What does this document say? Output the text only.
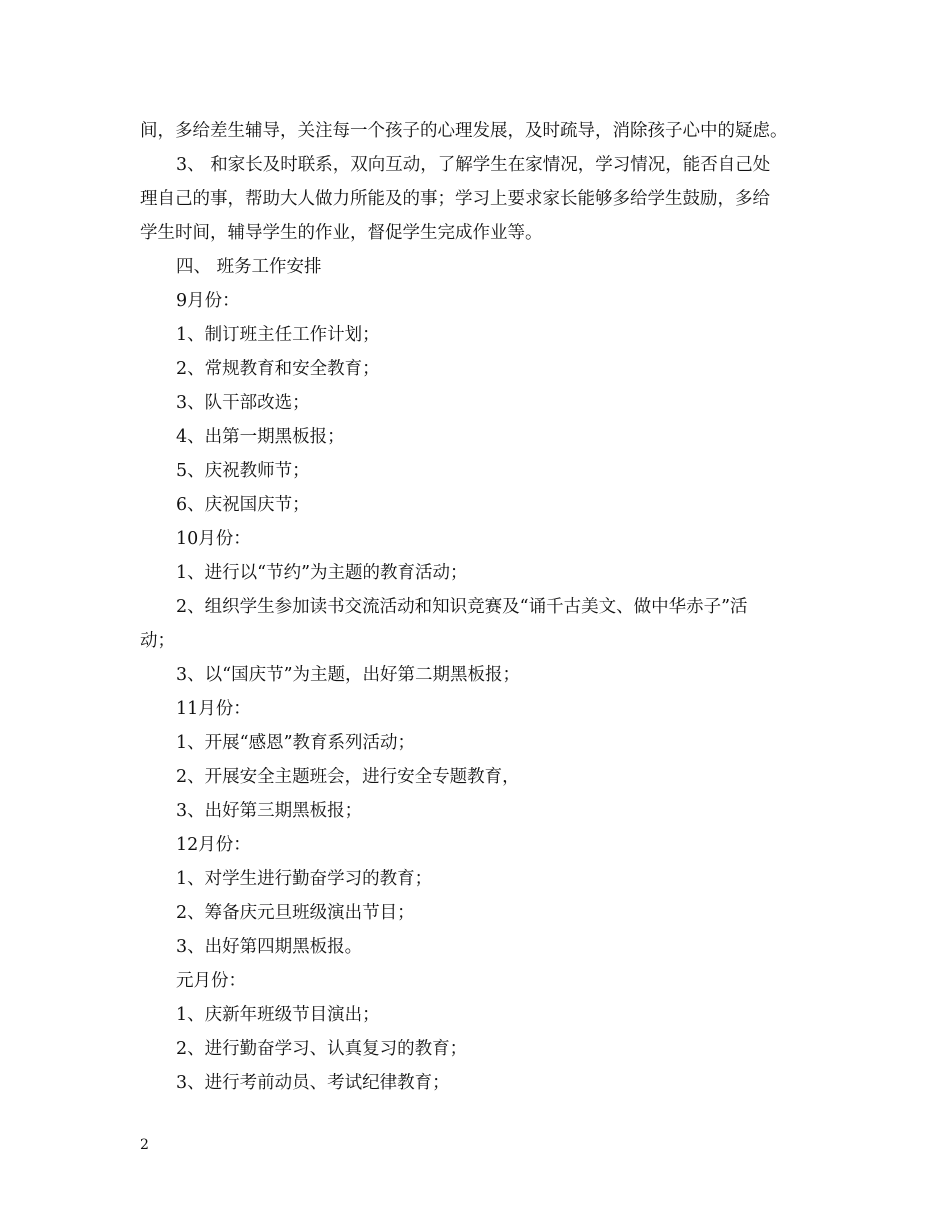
间，多给差生辅导，关注每一个孩子的心理发展，及时疏导，消除孩子心中的疑虑。
3、 和家长及时联系，双向互动，了解学生在家情况，学习情况，能否自己处
理自己的事，帮助大人做力所能及的事；学习上要求家长能够多给学生鼓励，多给
学生时间，辅导学生的作业，督促学生完成作业等。
四、 班务工作安排
9月份：
1、制订班主任工作计划；
2、常规教育和安全教育；
3、队干部改选；
4、出第一期黑板报；
5、庆祝教师节；
6、庆祝国庆节；
10月份：
1、进行以“节约”为主题的教育活动；
2、组织学生参加读书交流活动和知识竞赛及“诵千古美文、做中华赤子”活
动；
3、以“国庆节”为主题，出好第二期黑板报；
11月份：
1、开展“感恩”教育系列活动；
2、开展安全主题班会，进行安全专题教育，
3、出好第三期黑板报；
12月份：
1、对学生进行勤奋学习的教育；
2、筹备庆元旦班级演出节目；
3、出好第四期黑板报。
元月份：
1、庆新年班级节目演出；
2、进行勤奋学习、认真复习的教育；
3、进行考前动员、考试纪律教育；
2
